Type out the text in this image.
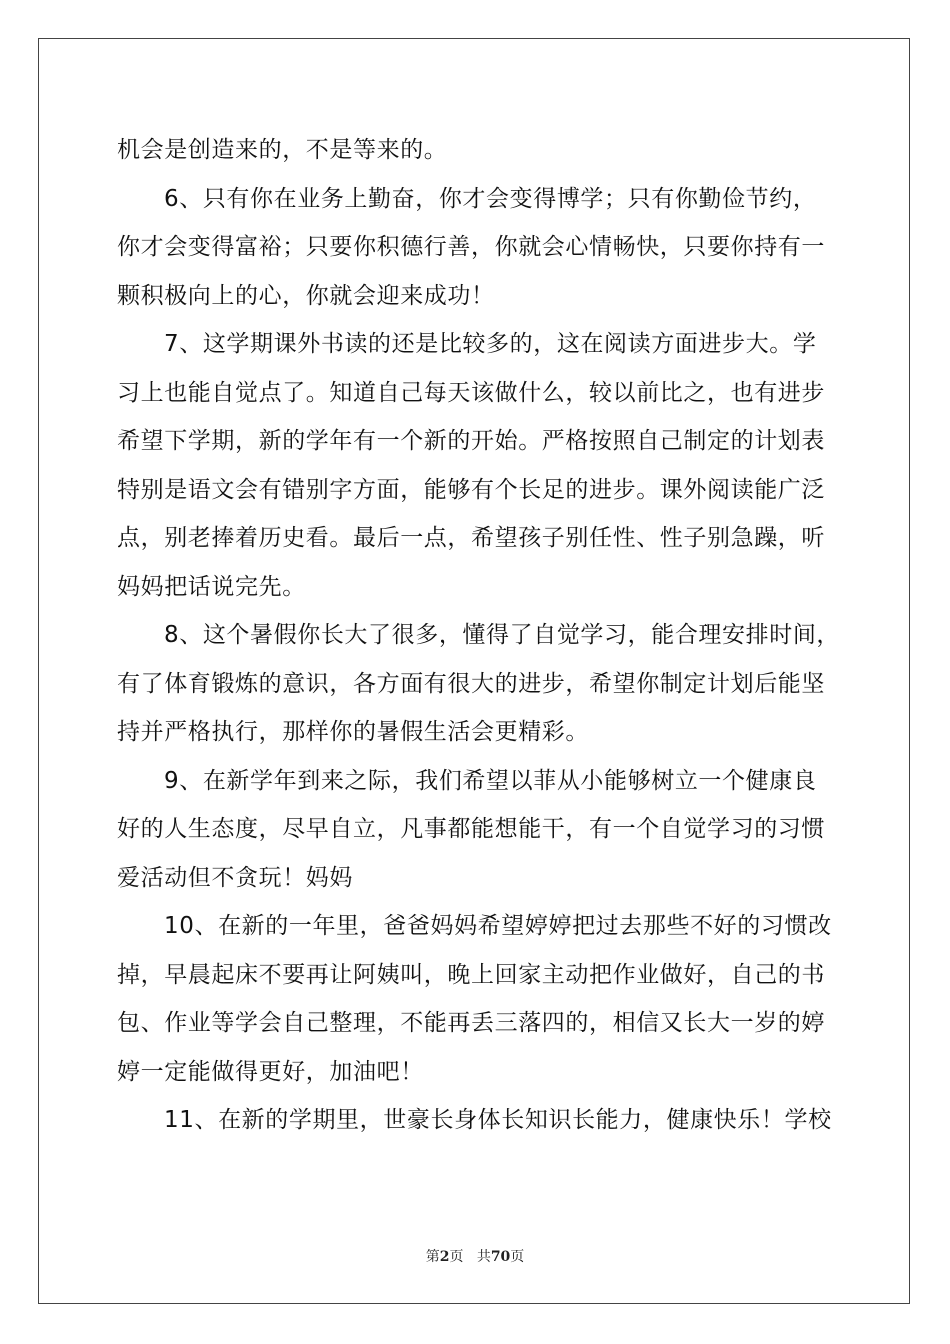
机会是创造来的，不是等来的。
6、只有你在业务上勤奋，你才会变得博学；只有你勤俭节约，
你才会变得富裕；只要你积德行善，你就会心情畅快，只要你持有一
颗积极向上的心，你就会迎来成功！
7、这学期课外书读的还是比较多的，这在阅读方面进步大。学
习上也能自觉点了。知道自己每天该做什么，较以前比之，也有进步
希望下学期，新的学年有一个新的开始。严格按照自己制定的计划表
特别是语文会有错别字方面，能够有个长足的进步。课外阅读能广泛
点，别老捧着历史看。最后一点，希望孩子别任性、性子别急躁，听
妈妈把话说完先。
8、这个暑假你长大了很多，懂得了自觉学习，能合理安排时间，
有了体育锻炼的意识，各方面有很大的进步，希望你制定计划后能坚
持并严格执行，那样你的暑假生活会更精彩。
9、在新学年到来之际，我们希望以菲从小能够树立一个健康良
好的人生态度，尽早自立，凡事都能想能干，有一个自觉学习的习惯
爱活动但不贪玩！妈妈
10、在新的一年里，爸爸妈妈希望婷婷把过去那些不好的习惯改
掉，早晨起床不要再让阿姨叫，晚上回家主动把作业做好，自己的书
包、作业等学会自己整理，不能再丢三落四的，相信又长大一岁的婷
婷一定能做得更好，加油吧！
11、在新的学期里，世豪长身体长知识长能力，健康快乐！学校
第2页 共70页
